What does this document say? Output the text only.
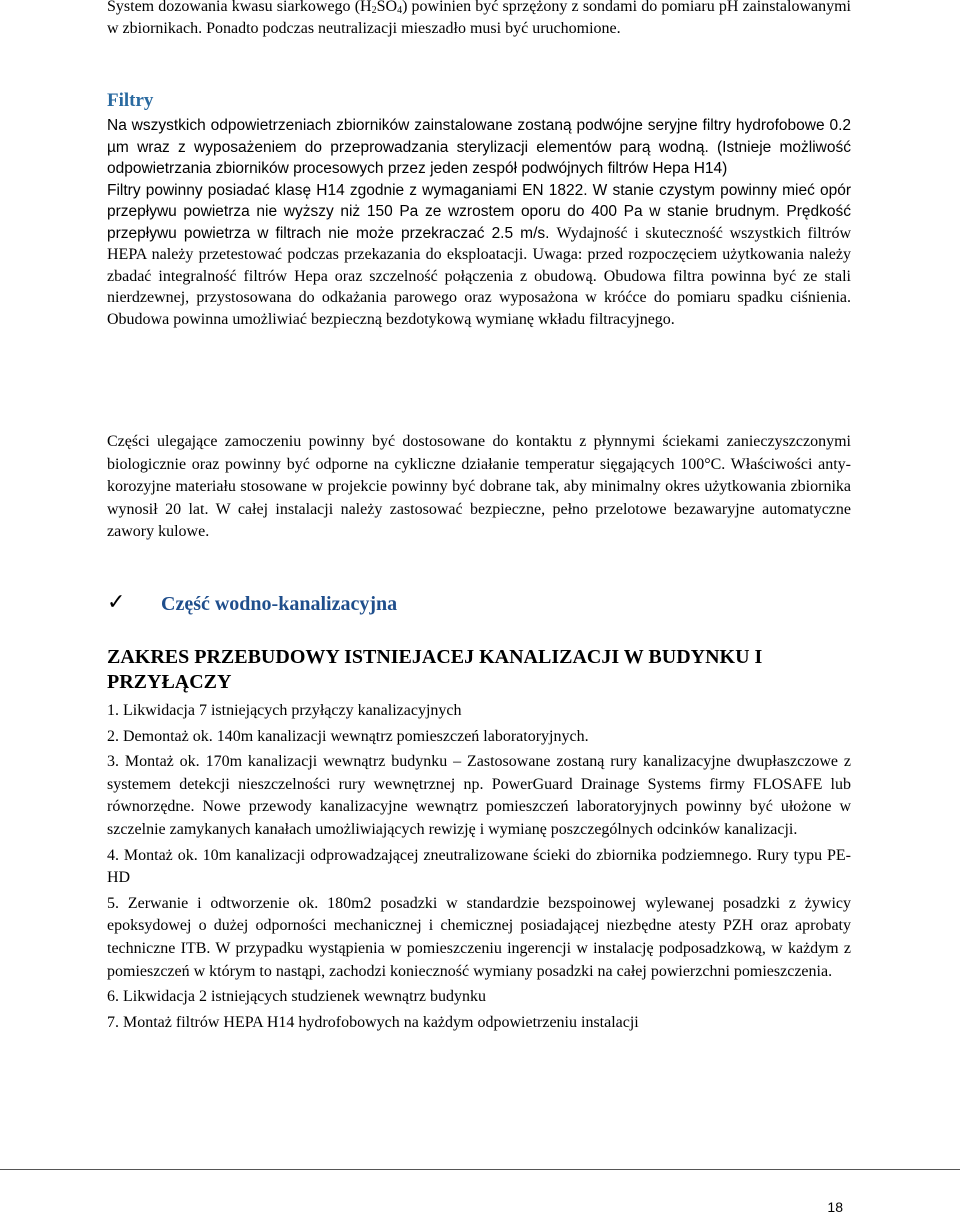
System dozowania kwasu siarkowego $(H_2SO_4)$ powinien być sprzężony z sondami do pomiaru pH zainstalowanymi w zbiornikach. Ponadto podczas neutralizacji mieszadło musi być uruchomione.

Filtry

Na wszystkich odpowietrzeniach zbiorników zainstalowane zostaną podwójne seryjne filtry hydrofobowe 0.2 µm wraz z wyposażeniem do przeprowadzania sterylizacji elementów parą wodną. (Istnieje możliwość odpowietrzania zbiorników procesowych przez jeden zespół podwójnych filtrów Hepa H14)

Filtry powinny posiadać klasę H14 zgodnie z wymaganiami EN 1822. W stanie czystym powinny mieć opór przepływu powietrza nie wyższy niż 150 Pa ze wzrostem oporu do 400 Pa w stanie brudnym. Prędkość przepływu powietrza w filtrach nie może przekraczać 2.5 m/s. Wydajność i skuteczność wszystkich filtrów HEPA należy przetestować podczas przekazania do eksploatacji. Uwaga: przed rozpoczęciem użytkowania należy zbadać integralność filtrów Hepa oraz szczelność połączenia z obudową. Obudowa filtra powinna być ze stali nierdzewnej, przystosowana do odkażania parowego oraz wyposażona w króćce do pomiaru spadku ciśnienia. Obudowa powinna umożliwiać bezpieczną bezdotykową wymianę wkładu filtracyjnego.

Części ulegające zamoczeniu powinny być dostosowane do kontaktu z płynnymi ściekami zanieczyszczonymi biologicznie oraz powinny być odporne na cykliczne działanie temperatur sięgających 100°C. Właściwości anty-korozyjne materiału stosowane w projekcie powinny być dobrane tak, aby minimalny okres użytkowania zbiornika wynosił 20 lat. W całej instalacji należy zastosować bezpieczne, pełno przelotowe bezawaryjne automatyczne zawory kulowe.

✓ Część wodno-kanalizacyjna
ZAKRES PRZEBUDOWY ISTNIEJACEJ KANALIZACJI W BUDYNKU I PRZYŁĄCZY

1. Likwidacja 7 istniejących przyłączy kanalizacyjnych

2. Demontaż ok. 140m kanalizacji wewnątrz pomieszczeń laboratoryjnych.

3. Montaż ok. 170m kanalizacji wewnątrz budynku – Zastosowane zostaną rury kanalizacyjne dwupłaszczowe z systemem detekcji nieszczelności rury wewnętrznej np. PowerGuard Drainage Systems firmy FLOSAFE lub równorzędne. Nowe przewody kanalizacyjne wewnątrz pomieszczeń laboratoryjnych powinny być ułożone w szczelnie zamykanych kanałach umożliwiających rewizję i wymianę poszczególnych odcinków kanalizacji.

4. Montaż ok. 10m kanalizacji odprowadzającej zneutralizowane ścieki do zbiornika podziemnego. Rury typu PE-HD

5. Zerwanie i odtworzenie ok. 180m2 posadzki w standardzie bezspoinowej wylewanej posadzki z żywicy epoksydowej o dużej odporności mechanicznej i chemicznej posiadającej niezbędne atesty PZH oraz aprobaty techniczne ITB. W przypadku wystąpienia w pomieszczeniu ingerencji w instalację podposadzkową, w każdym z pomieszczeń w którym to nastąpi, zachodzi konieczność wymiany posadzki na całej powierzchni pomieszczenia.

6. Likwidacja 2 istniejących studzienek wewnątrz budynku

7. Montaż filtrów HEPA H14 hydrofobowych na każdym odpowietrzeniu instalacji

18
